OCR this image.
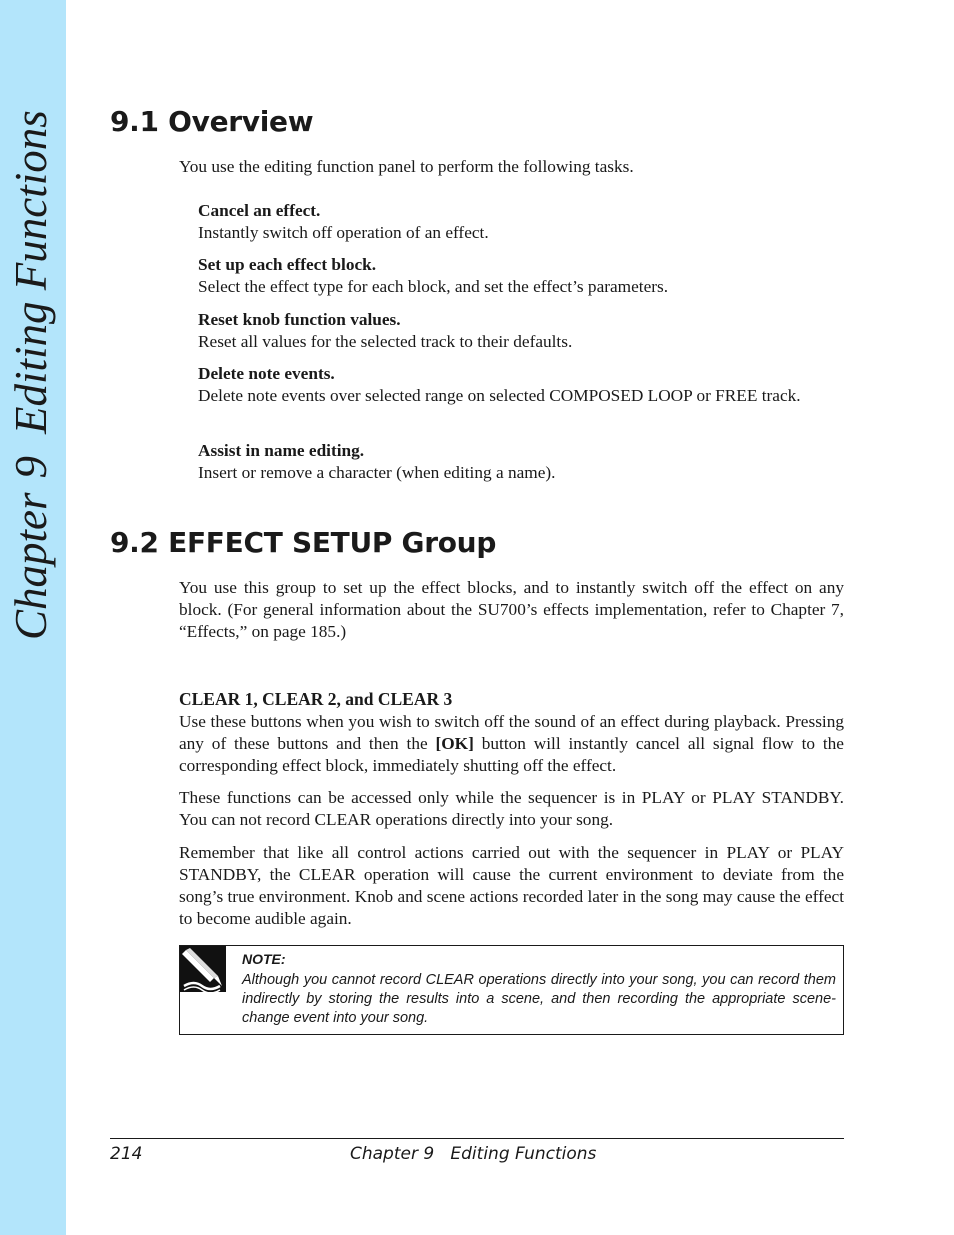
Chapter9Editing Functions 9.1 Overview

You use the editing function panel to perform the following tasks.

Cancel an effect.
Instantly switch off operation of an effect.
Set up each effect block.
Select the effect type for each block, and set the effect’s parameters.
Reset knob function values.
Reset all values for the selected track to their defaults.
Delete note events.
Delete note events over selected range on selected COMPOSED LOOP or FREE track.
Assist in name editing.
Insert or remove a character (when editing a name).
9.2 EFFECT SETUP Group

You use this group to set up the effect blocks, and to instantly switch off the effect on any block. (For general information about the SU700’s effects implementation, refer to Chapter 7, “Effects,” on page 185.)

CLEAR 1, CLEAR 2, and CLEAR 3

Use these buttons when you wish to switch off the sound of an effect during playback. Pressing any of these buttons and then the [OK] button will instantly cancel all signal flow to the corresponding effect block, immediately shutting off the effect.

These functions can be accessed only while the sequencer is in PLAY or PLAY STANDBY. You can not record CLEAR operations directly into your song.

Remember that like all control actions carried out with the sequencer in PLAY or PLAY STANDBY, the CLEAR operation will cause the current environment to deviate from the song’s true environment. Knob and scene actions recorded later in the song may cause the effect to become audible again.

NOTE:

Although you cannot record CLEAR operations directly into your song, you can record them indirectly by storing the results into a scene, and then recording the appropriate scene-change event into your song.

214	Chapter 9   Editing Functions
